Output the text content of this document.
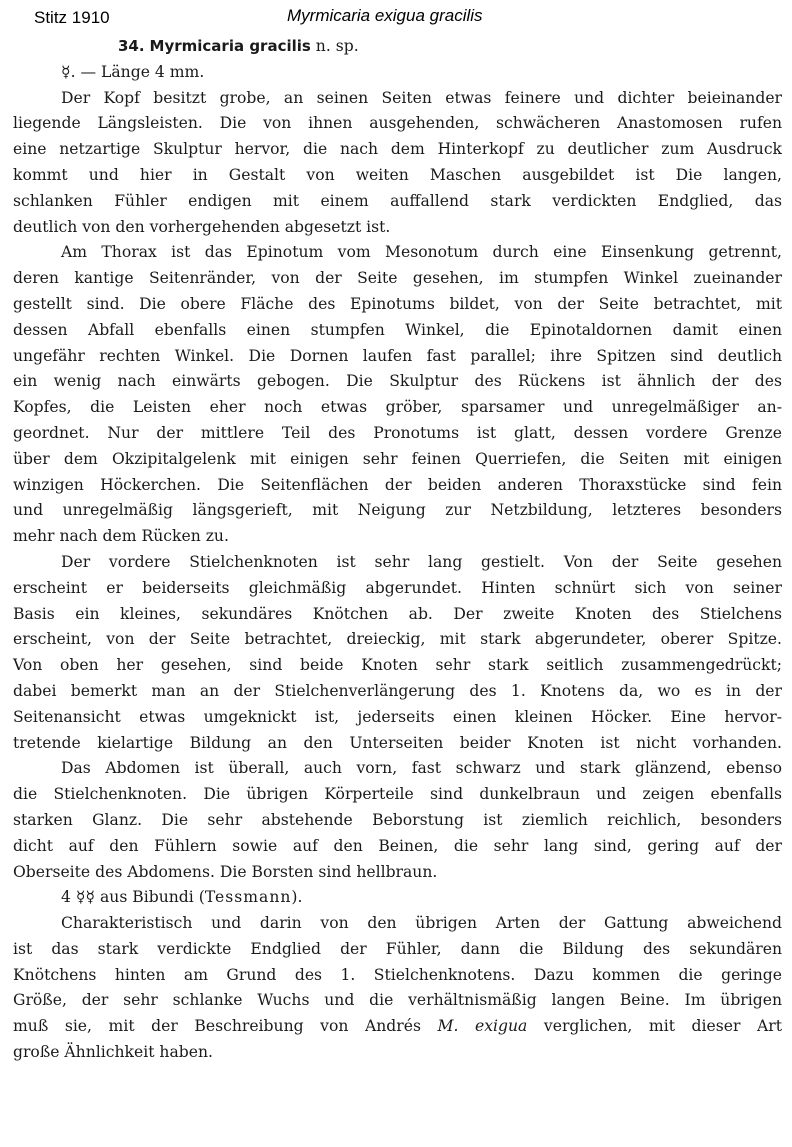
Stitz 1910	Myrmicaria exigua gracilis
34. Myrmicaria gracilis n. sp.
☿. — Länge 4 mm.
Der Kopf besitzt grobe, an seinen Seiten etwas feinere und dichter beieinander
liegende Längsleisten. Die von ihnen ausgehenden, schwächeren Anastomosen rufen
eine netzartige Skulptur hervor, die nach dem Hinterkopf zu deutlicher zum Ausdruck
kommt und hier in Gestalt von weiten Maschen ausgebildet ist Die langen,
schlanken Fühler endigen mit einem auffallend stark verdickten Endglied, das
deutlich von den vorhergehenden abgesetzt ist.
Am Thorax ist das Epinotum vom Mesonotum durch eine Einsenkung getrennt,
deren kantige Seitenränder, von der Seite gesehen, im stumpfen Winkel zueinander
gestellt sind. Die obere Fläche des Epinotums bildet, von der Seite betrachtet, mit
dessen Abfall ebenfalls einen stumpfen Winkel, die Epinotaldornen damit einen
ungefähr rechten Winkel. Die Dornen laufen fast parallel; ihre Spitzen sind deutlich
ein wenig nach einwärts gebogen. Die Skulptur des Rückens ist ähnlich der des
Kopfes, die Leisten eher noch etwas gröber, sparsamer und unregelmäßiger an-
geordnet. Nur der mittlere Teil des Pronotums ist glatt, dessen vordere Grenze
über dem Okzipitalgelenk mit einigen sehr feinen Querriefen, die Seiten mit einigen
winzigen Höckerchen. Die Seitenflächen der beiden anderen Thoraxstücke sind fein
und unregelmäßig längsgerieft, mit Neigung zur Netzbildung, letzteres besonders
mehr nach dem Rücken zu.
Der vordere Stielchenknoten ist sehr lang gestielt. Von der Seite gesehen
erscheint er beiderseits gleichmäßig abgerundet. Hinten schnürt sich von seiner
Basis ein kleines, sekundäres Knötchen ab. Der zweite Knoten des Stielchens
erscheint, von der Seite betrachtet, dreieckig, mit stark abgerundeter, oberer Spitze.
Von oben her gesehen, sind beide Knoten sehr stark seitlich zusammengedrückt;
dabei bemerkt man an der Stielchenverlängerung des 1. Knotens da, wo es in der
Seitenansicht etwas umgeknickt ist, jederseits einen kleinen Höcker. Eine hervor-
tretende kielartige Bildung an den Unterseiten beider Knoten ist nicht vorhanden.
Das Abdomen ist überall, auch vorn, fast schwarz und stark glänzend, ebenso
die Stielchenknoten. Die übrigen Körperteile sind dunkelbraun und zeigen ebenfalls
starken Glanz. Die sehr abstehende Beborstung ist ziemlich reichlich, besonders
dicht auf den Fühlern sowie auf den Beinen, die sehr lang sind, gering auf der
Oberseite des Abdomens. Die Borsten sind hellbraun.
4 ☿☿ aus Bibundi (Tessmann).
Charakteristisch und darin von den übrigen Arten der Gattung abweichend
ist das stark verdickte Endglied der Fühler, dann die Bildung des sekundären
Knötchens hinten am Grund des 1. Stielchenknotens. Dazu kommen die geringe
Größe, der sehr schlanke Wuchs und die verhältnismäßig langen Beine. Im übrigen
muß sie, mit der Beschreibung von Andrés M. exigua verglichen, mit dieser Art
große Ähnlichkeit haben.
